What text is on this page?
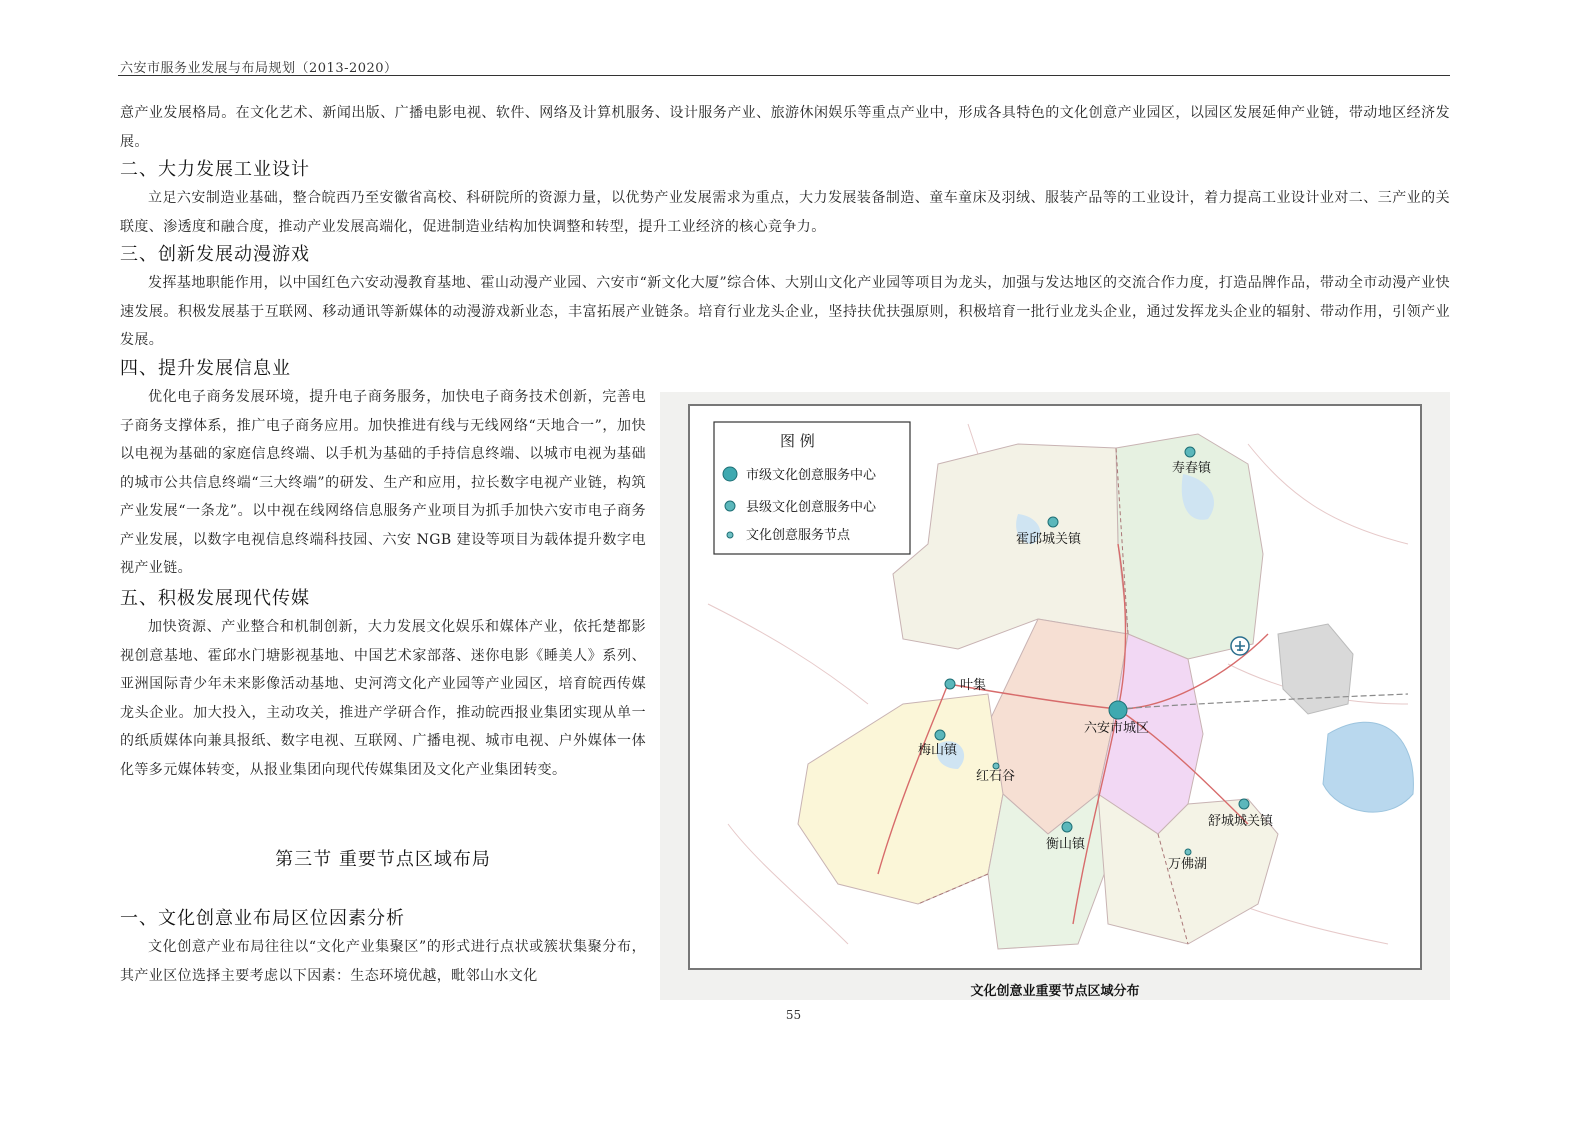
六安市服务业发展与布局规划（2013-2020）
意产业发展格局。在文化艺术、新闻出版、广播电影电视、软件、网络及计算机服务、设计服务产业、旅游休闲娱乐等重点产业中，形成各具特色的文化创意产业园区，以园区发展延伸产业链，带动地区经济发展。
二、大力发展工业设计
立足六安制造业基础，整合皖西乃至安徽省高校、科研院所的资源力量，以优势产业发展需求为重点，大力发展装备制造、童车童床及羽绒、服装产品等的工业设计，着力提高工业设计业对二、三产业的关联度、渗透度和融合度，推动产业发展高端化，促进制造业结构加快调整和转型，提升工业经济的核心竞争力。
三、创新发展动漫游戏
发挥基地职能作用，以中国红色六安动漫教育基地、霍山动漫产业园、六安市“新文化大厦”综合体、大别山文化产业园等项目为龙头，加强与发达地区的交流合作力度，打造品牌作品，带动全市动漫产业快速发展。积极发展基于互联网、移动通讯等新媒体的动漫游戏新业态，丰富拓展产业链条。培育行业龙头企业，坚持扶优扶强原则，积极培育一批行业龙头企业，通过发挥龙头企业的辐射、带动作用，引领产业发展。
四、提升发展信息业
优化电子商务发展环境，提升电子商务服务，加快电子商务技术创新，完善电子商务支撑体系，推广电子商务应用。加快推进有线与无线网络“天地合一”，加快以电视为基础的家庭信息终端、以手机为基础的手持信息终端、以城市电视为基础的城市公共信息终端“三大终端”的研发、生产和应用，拉长数字电视产业链，构筑产业发展“一条龙”。以中视在线网络信息服务产业项目为抓手加快六安市电子商务产业发展，以数字电视信息终端科技园、六安 NGB 建设等项目为载体提升数字电视产业链。
五、积极发展现代传媒
加快资源、产业整合和机制创新，大力发展文化娱乐和媒体产业，依托楚都影视创意基地、霍邱水门塘影视基地、中国艺术家部落、迷你电影《睡美人》系列、亚洲国际青少年未来影像活动基地、史河湾文化产业园等产业园区，培育皖西传媒龙头企业。加大投入，主动攻关，推进产学研合作，推动皖西报业集团实现从单一的纸质媒体向兼具报纸、数字电视、互联网、广播电视、城市电视、户外媒体一体化等多元媒体转变，从报业集团向现代传媒集团及文化产业集团转变。
第三节 重要节点区域布局
一、文化创意业布局区位因素分析
文化创意产业布局往往以“文化产业集聚区”的形式进行点状或簇状集聚分布，其产业区位选择主要考虑以下因素：生态环境优越，毗邻山水文化
图 例
市级文化创意服务中心
县级文化创意服务中心
文化创意服务节点
寿春镇
霍邱城关镇
叶集
六安市城区
梅山镇
红石谷
舒城城关镇
衡山镇
万佛湖
文化创意业重要节点区域分布
55
